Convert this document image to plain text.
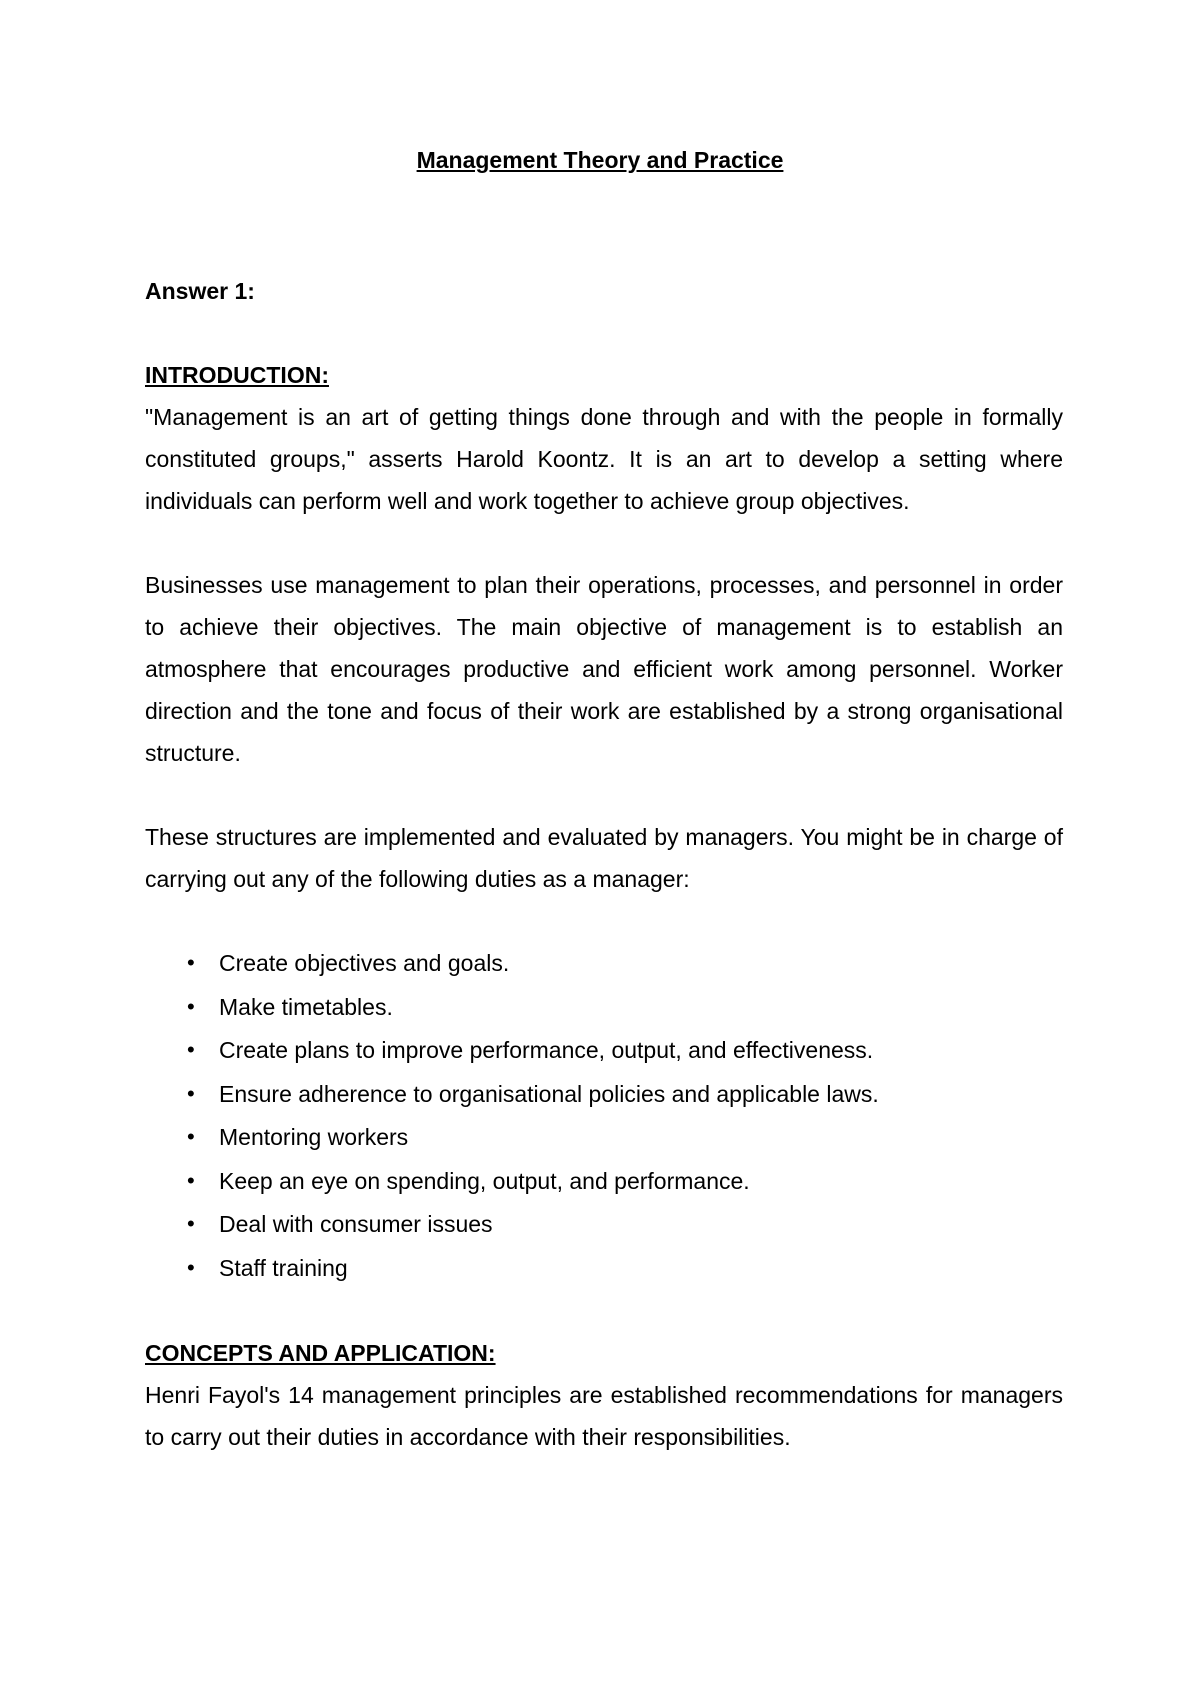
Management Theory and Practice

Answer 1:

INTRODUCTION:

"Management is an art of getting things done through and with the people in formally constituted groups," asserts Harold Koontz. It is an art to develop a setting where individuals can perform well and work together to achieve group objectives.

Businesses use management to plan their operations, processes, and personnel in order to achieve their objectives. The main objective of management is to establish an atmosphere that encourages productive and efficient work among personnel. Worker direction and the tone and focus of their work are established by a strong organisational structure.

These structures are implemented and evaluated by managers. You might be in charge of carrying out any of the following duties as a manager:

• Create objectives and goals.
• Make timetables.
• Create plans to improve performance, output, and effectiveness.
• Ensure adherence to organisational policies and applicable laws.
• Mentoring workers
• Keep an eye on spending, output, and performance.
• Deal with consumer issues
• Staff training

CONCEPTS AND APPLICATION:

Henri Fayol's 14 management principles are established recommendations for managers to carry out their duties in accordance with their responsibilities.
